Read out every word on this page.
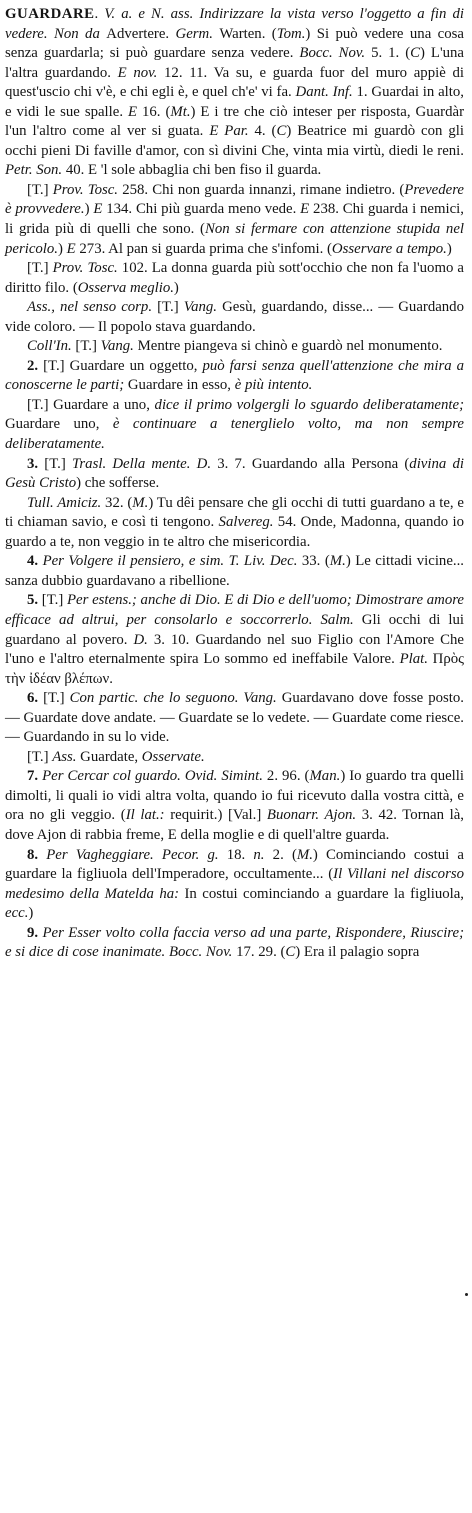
GUARDARE. V. a. e N. ass. Indirizzare la vista verso l'oggetto a fin di vedere. Non da Advertere. Germ. Warten. (Tom.) Si può vedere una cosa senza guardarla; si può guardare senza vedere. Bocc. Nov. 5. 1. (C) L'una l'altra guardando. E nov. 12. 11. Va su, e guarda fuor del muro appiè di quest'uscio chi v'è, e chi egli è, e quel ch'e' vi fa. Dant. Inf. 1. Guardai in alto, e vidi le sue spalle. E 16. (Mt.) E i tre che ciò inteser per risposta, Guardàr l'un l'altro come al ver si guata. E Par. 4. (C) Beatrice mi guardò con gli occhi pieni Di faville d'amor, con sì divini Che, vinta mia virtù, diedi le reni. Petr. Son. 40. E 'l sole abbaglia chi ben fiso il guarda.
[T.] Prov. Tosc. 258. Chi non guarda innanzi, rimane indietro. (Prevedere è provvedere.) E 134. Chi più guarda meno vede. E 238. Chi guarda i nemici, li grida più di quelli che sono. (Non si fermare con attenzione stupida nel pericolo.) E 273. Al pan si guarda prima che s'infomi. (Osservare a tempo.)
[T.] Prov. Tosc. 102. La donna guarda più sott'occhio che non fa l'uomo a diritto filo. (Osserva meglio.)
Ass., nel senso corp. [T.] Vang. Gesù, guardando, disse... — Guardando vide coloro. — Il popolo stava guardando.
Coll'In. [T.] Vang. Mentre piangeva si chinò e guardò nel monumento.
2. [T.] Guardare un oggetto, può farsi senza quell'attenzione che mira a conoscerne le parti; Guardare in esso, è più intento.
[T.] Guardare a uno, dice il primo volgergli lo sguardo deliberatamente; Guardare uno, è continuare a tenerglielo volto, ma non sempre deliberatamente.
3. [T.] Trasl. Della mente. D. 3. 7. Guardando alla Persona (divina di Gesù Cristo) che sofferse.
Tull. Amiciz. 32. (M.) Tu dêi pensare che gli occhi di tutti guardano a te, e ti chiaman savio, e così ti tengono. Salvereg. 54. Onde, Madonna, quando io guardo a te, non veggio in te altro che misericordia.
4. Per Volgere il pensiero, e sim. T. Liv. Dec. 33. (M.) Le cittadi vicine... sanza dubbio guardavano a ribellione.
5. [T.] Per estens.; anche di Dio. E di Dio e dell'uomo; Dimostrare amore efficace ad altrui, per consolarlo e soccorrerlo. Salm. Gli occhi di lui guardano al povero. D. 3. 10. Guardando nel suo Figlio con l'Amore Che l'uno e l'altro eternalmente spira Lo sommo ed ineffabile Valore. Plat. Πρὸς τὴν ἰδέαν βλέπων.
6. [T.] Con partic. che lo seguono. Vang. Guardavano dove fosse posto. — Guardate dove andate. — Guardate se lo vedete. — Guardate come riesce. — Guardando in su lo vide.
[T.] Ass. Guardate, Osservate.
7. Per Cercar col guardo. Ovid. Simint. 2. 96. (Man.) Io guardo tra quelli dimolti, li quali io vidi altra volta, quando io fui ricevuto dalla vostra città, e ora no gli veggio. (Il lat.: requirit.) [Val.] Buonarr. Ajon. 3. 42. Tornan là, dove Ajon di rabbia freme, E della moglie e di quell'altre guarda.
8. Per Vagheggiare. Pecor. g. 18. n. 2. (M.) Cominciando costui a guardare la figliuola dell'Imperadore, occultamente... (Il Villani nel discorso medesimo della Matelda ha: In costui cominciando a guardare la figliuola, ecc.)
9. Per Esser volto colla faccia verso ad una parte, Rispondere, Riuscire; e si dice di cose inanimate. Bocc. Nov. 17. 29. (C) Era il palagio sopra
